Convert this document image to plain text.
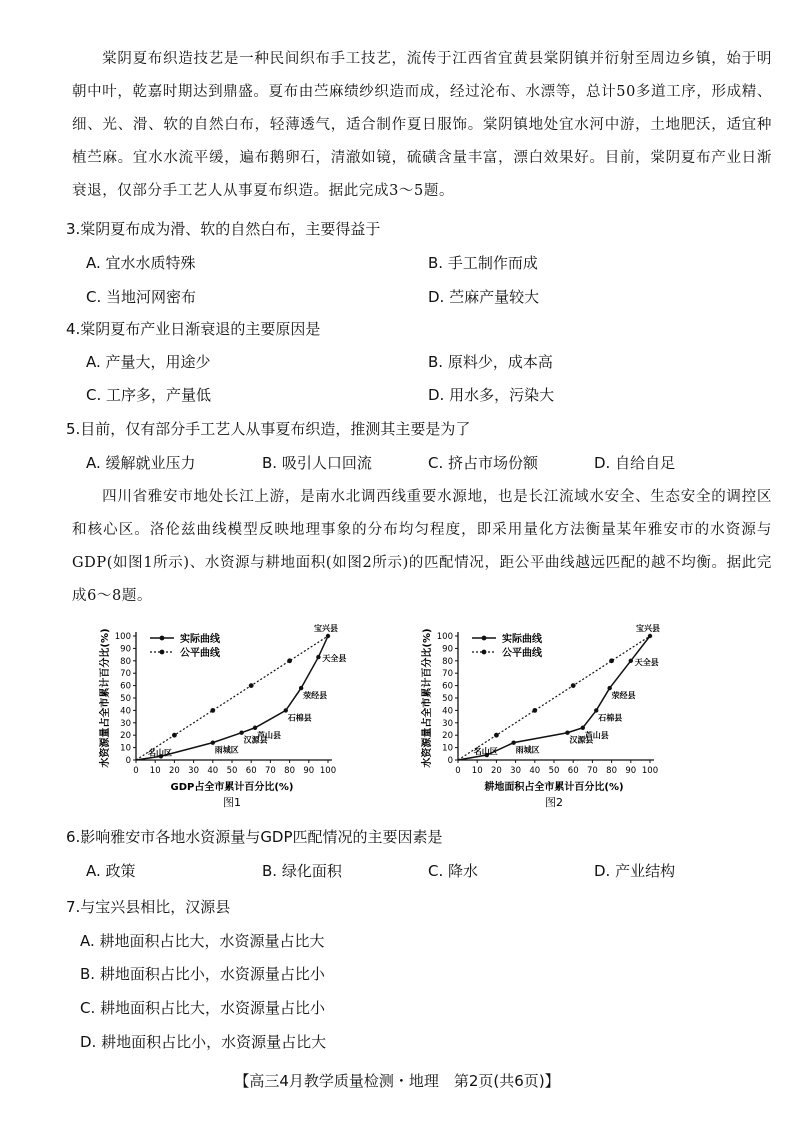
棠阴夏布织造技艺是一种民间织布手工技艺，流传于江西省宜黄县棠阴镇并衍射至周边乡镇，始于明朝中叶，乾嘉时期达到鼎盛。夏布由苎麻绩纱织造而成，经过沦布、水漂等，总计50多道工序，形成精、细、光、滑、软的自然白布，轻薄透气，适合制作夏日服饰。棠阴镇地处宜水河中游，土地肥沃，适宜种植苎麻。宜水水流平缓，遍布鹅卵石，清澈如镜，硫磺含量丰富，漂白效果好。目前，棠阴夏布产业日渐衰退，仅部分手工艺人从事夏布织造。据此完成3～5题。
3.棠阴夏布成为滑、软的自然白布，主要得益于
A. 宜水水质特殊	B. 手工制作而成
C. 当地河网密布	D. 苎麻产量较大
4.棠阴夏布产业日渐衰退的主要原因是
A. 产量大，用途少	B. 原料少，成本高
C. 工序多，产量低	D. 用水多，污染大
5.目前，仅有部分手工艺人从事夏布织造，推测其主要是为了
A. 缓解就业压力	B. 吸引人口回流	C. 挤占市场份额	D. 自给自足
四川省雅安市地处长江上游，是南水北调西线重要水源地，也是长江流域水安全、生态安全的调控区和核心区。洛伦兹曲线模型反映地理事象的分布均匀程度，即采用量化方法衡量某年雅安市的水资源与GDP(如图1所示)、水资源与耕地面积(如图2所示)的匹配情况，距公平曲线越远匹配的越不均衡。据此完成6～8题。
0 10 20 30 40 50 60 70 80 90 100
0
10
20
30
40
50
60
70
80
90
100
名山区	雨城区
汉源县
芦山县
石棉县
荥经县
天全县
宝兴县
实际曲线
公平曲线
GDP占全市累计百分比(%)
水资源量占全市累计百分比(%)
图1
0 10 20 30 40 50 60 70 80 90 100
0
10
20
30
40
50
60
70
80
90
100
名山区 雨城区
汉源县
芦山县
石棉县
荥经县
天全县
宝兴县
实际曲线
公平曲线
耕地面积占全市累计百分比(%)
水资源量占全市累计百分比(%)
图2
6.影响雅安市各地水资源量与GDP匹配情况的主要因素是
A. 政策	B. 绿化面积	C. 降水	D. 产业结构
7.与宝兴县相比，汉源县
A. 耕地面积占比大，水资源量占比大
B. 耕地面积占比小，水资源量占比小
C. 耕地面积占比大，水资源量占比小
D. 耕地面积占比小，水资源量占比大
【高三4月教学质量检测・地理　第2页(共6页)】
